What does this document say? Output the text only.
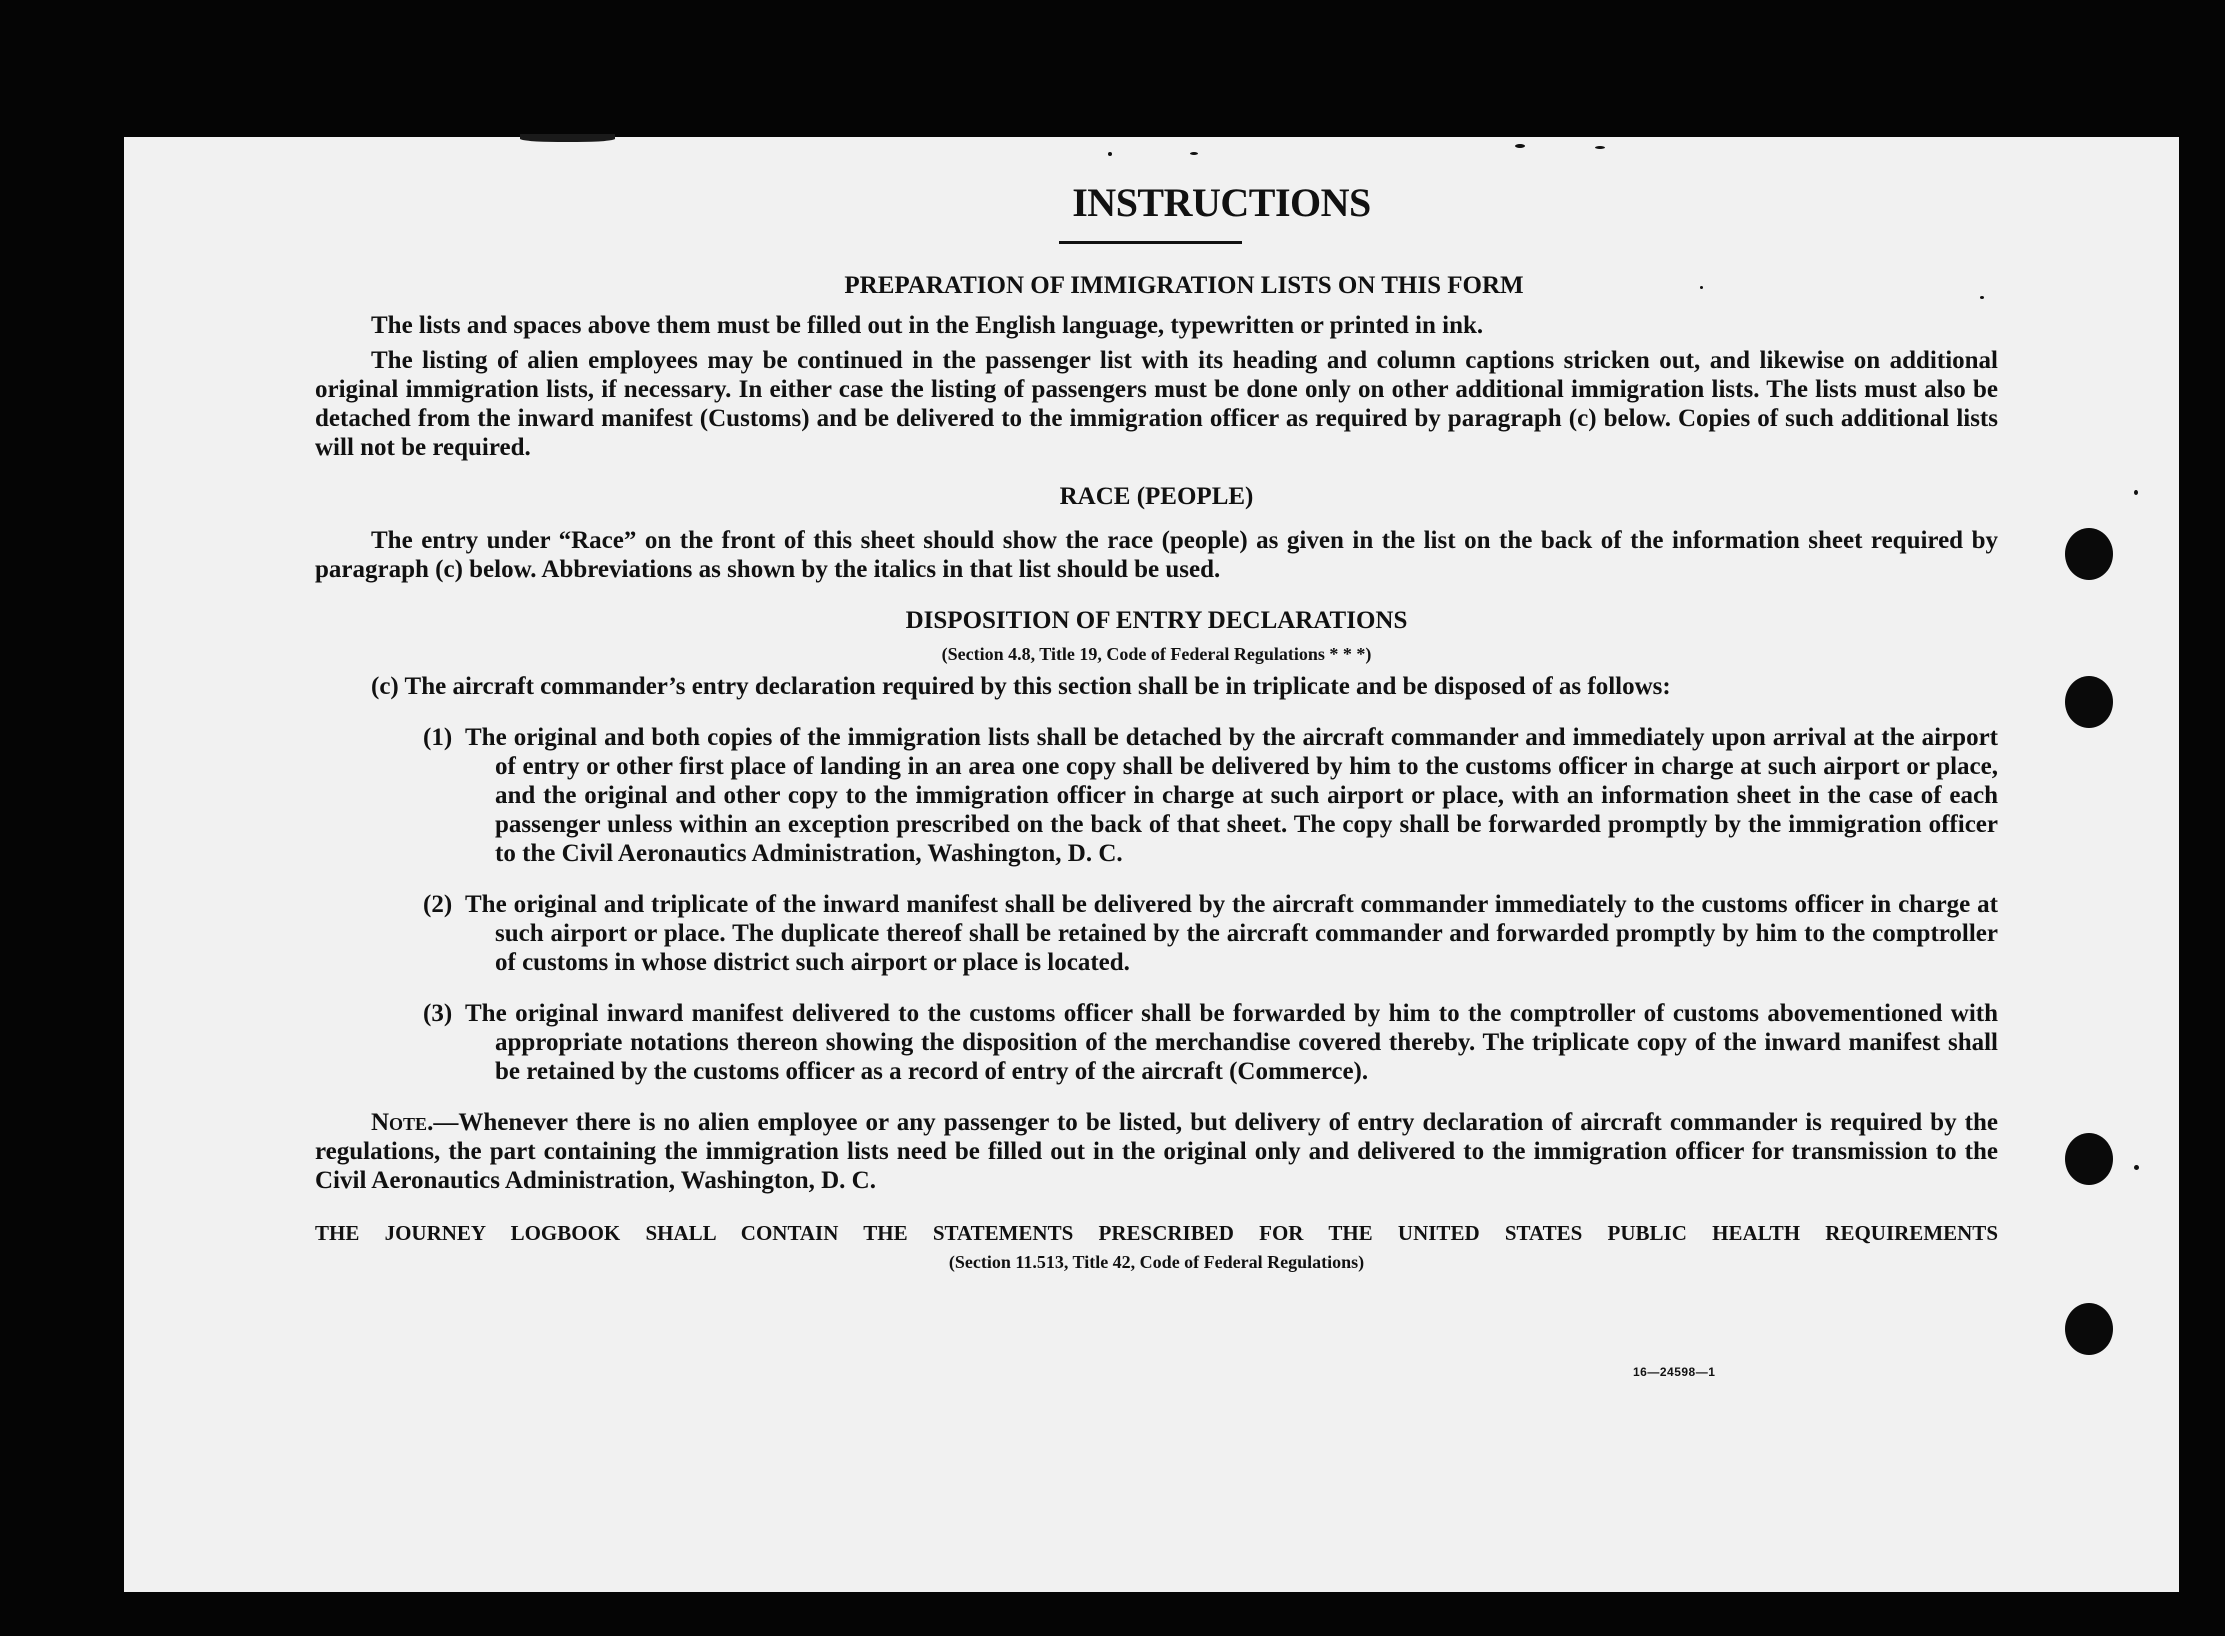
INSTRUCTIONS
PREPARATION OF IMMIGRATION LISTS ON THIS FORM

The lists and spaces above them must be filled out in the English language, typewritten or printed in ink.

The listing of alien employees may be continued in the passenger list with its heading and column captions stricken out, and likewise on additional original immigration lists, if necessary. In either case the listing of passengers must be done only on other additional immigration lists. The lists must also be detached from the inward manifest (Customs) and be delivered to the immigration officer as required by paragraph (c) below. Copies of such additional lists will not be required.

RACE (PEOPLE)

The entry under “Race” on the front of this sheet should show the race (people) as given in the list on the back of the information sheet required by paragraph (c) below. Abbreviations as shown by the italics in that list should be used.

DISPOSITION OF ENTRY DECLARATIONS
(Section 4.8, Title 19, Code of Federal Regulations * * *)

(c) The aircraft commander’s entry declaration required by this section shall be in triplicate and be disposed of as follows:

(1) The original and both copies of the immigration lists shall be detached by the aircraft commander and immediately upon arrival at the airport of entry or other first place of landing in an area one copy shall be delivered by him to the customs officer in charge at such airport or place, and the original and other copy to the immigration officer in charge at such airport or place, with an information sheet in the case of each passenger unless within an exception prescribed on the back of that sheet. The copy shall be forwarded promptly by the immigration officer to the Civil Aeronautics Administration, Washington, D. C.

(2) The original and triplicate of the inward manifest shall be delivered by the aircraft commander immediately to the customs officer in charge at such airport or place. The duplicate thereof shall be retained by the aircraft commander and forwarded promptly by him to the comptroller of customs in whose district such airport or place is located.

(3) The original inward manifest delivered to the customs officer shall be forwarded by him to the comptroller of customs abovementioned with appropriate notations thereon showing the disposition of the merchandise covered thereby. The triplicate copy of the inward manifest shall be retained by the customs officer as a record of entry of the aircraft (Commerce).

Note.—Whenever there is no alien employee or any passenger to be listed, but delivery of entry declaration of aircraft commander is required by the regulations, the part containing the immigration lists need be filled out in the original only and delivered to the immigration officer for transmission to the Civil Aeronautics Administration, Washington, D. C.

THE JOURNEY LOGBOOK SHALL CONTAIN THE STATEMENTS PRESCRIBED FOR THE UNITED STATES PUBLIC HEALTH REQUIREMENTS
(Section 11.513, Title 42, Code of Federal Regulations)
16—24598—1
